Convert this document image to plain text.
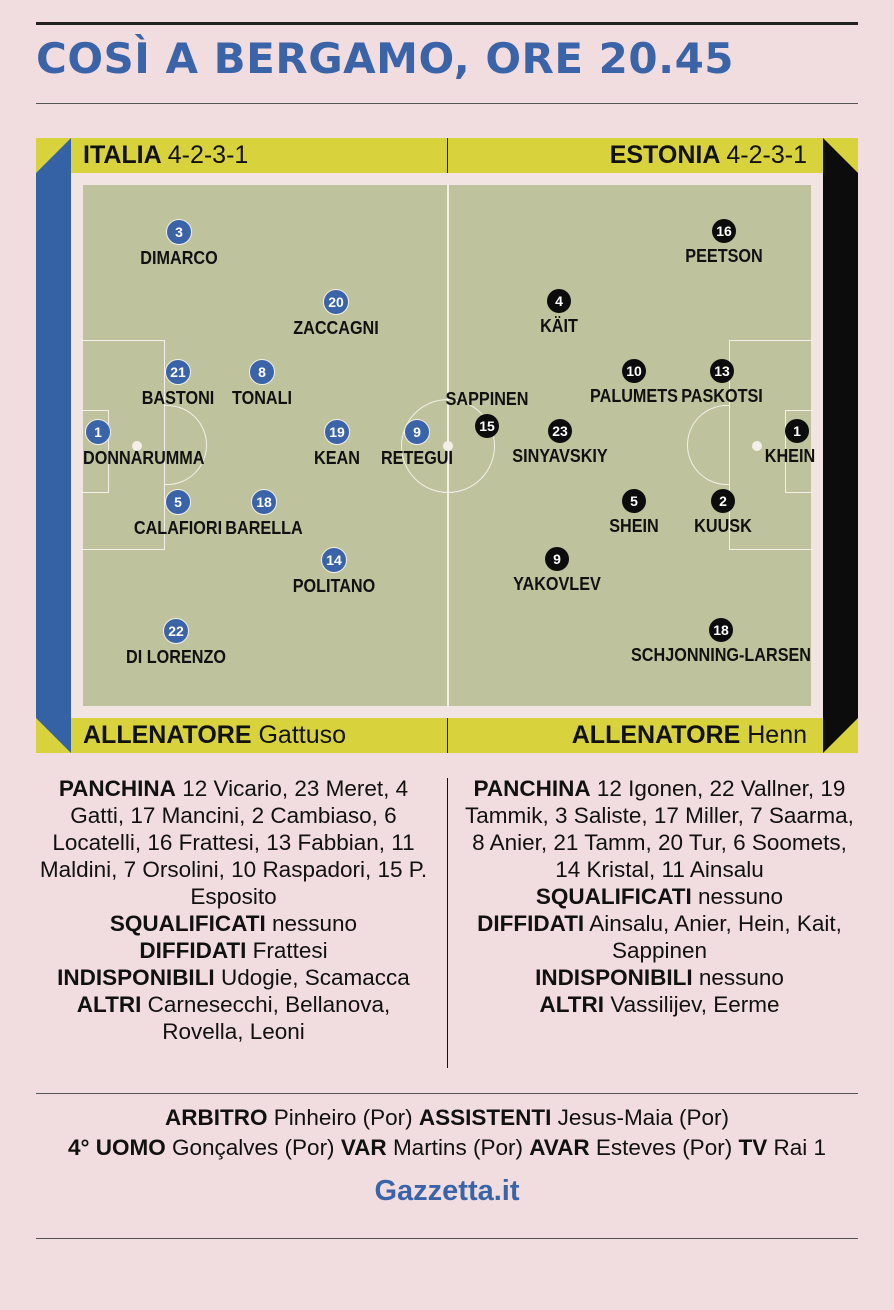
COSÌ A BERGAMO, ORE 20.45
ITALIA 4-2-3-1	ESTONIA 4-2-3-1
ALLENATORE Gattuso	ALLENATORE Henn
3
DIMARCO
20
ZACCAGNI
21
BASTONI
8
TONALI
1
DONNARUMMA
19
KEAN
9
RETEGUI
5
CALAFIORI
18
BARELLA
14
POLITANO
22
DI LORENZO
16
PEETSON
4
KÄIT
SAPPINEN
15
10
PALUMETS
13
PASKOTSI
23
SINYAVSKIY
1
KHEIN
5
SHEIN
2
KUUSK
9
YAKOVLEV
18
SCHJONNING-LARSEN
PANCHINA 12 Vicario, 23 Meret, 4 Gatti, 17 Mancini, 2 Cambiaso, 6 Locatelli, 16 Frattesi, 13 Fabbian, 11 Maldini, 7 Orsolini, 10 Raspadori, 15 P. Esposito
SQUALIFICATI nessuno
DIFFIDATI Frattesi
INDISPONIBILI Udogie, Scamacca
ALTRI Carnesecchi, Bellanova, Rovella, Leoni
PANCHINA 12 Igonen, 22 Vallner, 19 Tammik, 3 Saliste, 17 Miller, 7 Saarma, 8 Anier, 21 Tamm, 20 Tur, 6 Soomets, 14 Kristal, 11 Ainsalu
SQUALIFICATI nessuno
DIFFIDATI Ainsalu, Anier, Hein, Kait, Sappinen
INDISPONIBILI nessuno
ALTRI Vassilijev, Eerme
ARBITRO Pinheiro (Por) ASSISTENTI Jesus-Maia (Por)
4° UOMO Gonçalves (Por) VAR Martins (Por) AVAR Esteves (Por) TV Rai 1
Gazzetta.it
